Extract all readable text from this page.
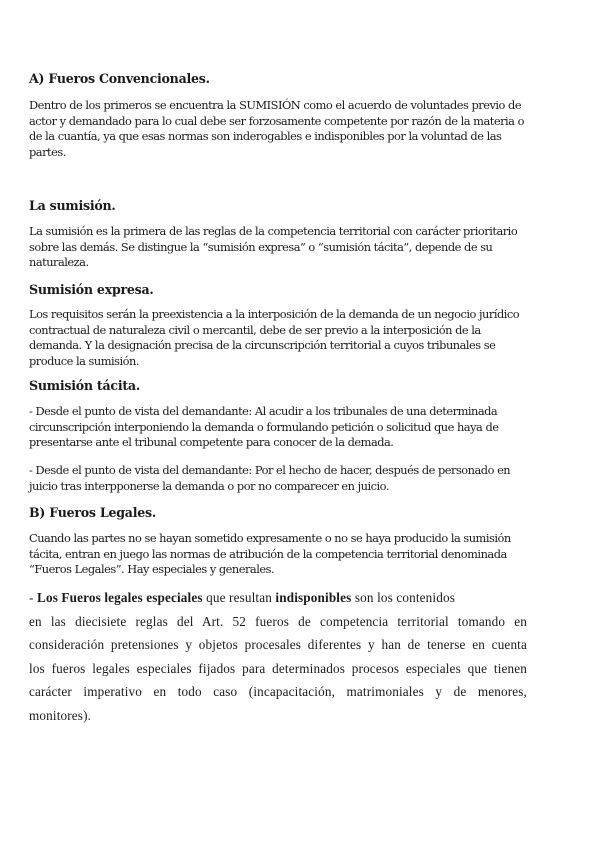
A) Fueros Convencionales.

Dentro de los primeros se encuentra la SUMISIÓN como el acuerdo de voluntades previo de
actor y demandado para lo cual debe ser forzosamente competente por razón de la materia o
de la cuantía, ya que esas normas son inderogables e indisponibles por la voluntad de las
partes.

La sumisión.

La sumisión es la primera de las reglas de la competencia territorial con carácter prioritario
sobre las demás. Se distingue la “sumisión expresa” o “sumisión tácita”, depende de su
naturaleza.

Sumisión expresa.

Los requisitos serán la preexistencia a la interposición de la demanda de un negocio jurídico
contractual de naturaleza civil o mercantil, debe de ser previo a la interposición de la
demanda. Y la designación precisa de la circunscripción territorial a cuyos tribunales se
produce la sumisión.

Sumisión tácita.

- Desde el punto de vista del demandante: Al acudir a los tribunales de una determinada
circunscripción interponiendo la demanda o formulando petición o solicitud que haya de
presentarse ante el tribunal competente para conocer de la demada.

- Desde el punto de vista del demandante: Por el hecho de hacer, después de personado en
juicio tras interpponerse la demanda o por no comparecer en juicio.

B) Fueros Legales.

Cuando las partes no se hayan sometido expresamente o no se haya producido la sumisión
tácita, entran en juego las normas de atribución de la competencia territorial denominada
“Fueros Legales”. Hay especiales y generales.

- Los Fueros legales especiales que resultan indisponibles son los contenidos
en las diecisiete reglas del Art. 52 fueros de competencia territorial tomando en
consideración pretensiones y objetos procesales diferentes y han de tenerse en cuenta
los fueros legales especiales fijados para determinados procesos especiales que tienen
carácter imperativo en todo caso (incapacitación, matrimoniales y de menores,
monitores).
